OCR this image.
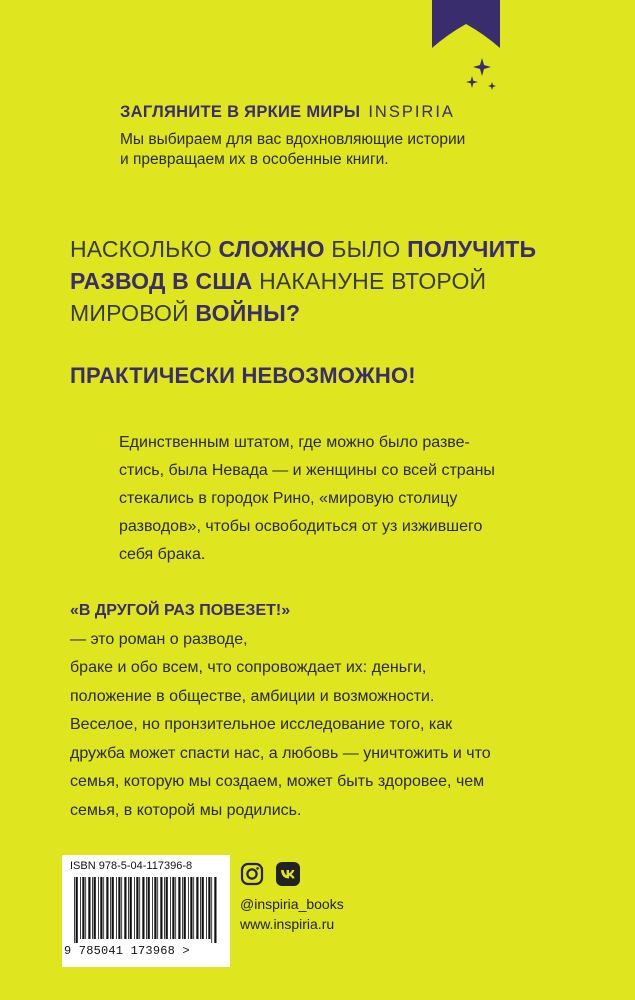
ЗАГЛЯНИТЕ В ЯРКИЕ МИРЫ INSPIRIA
Мы выбираем для вас вдохновляющие истории
и превращаем их в особенные книги.
НАСКОЛЬКО СЛОЖНО БЫЛО ПОЛУЧИТЬ
РАЗВОД В США НАКАНУНЕ ВТОРОЙ
МИРОВОЙ ВОЙНЫ?
ПРАКТИЧЕСКИ НЕВОЗМОЖНО!
Единственным штатом, где можно было разве-
стись, была Невада — и женщины со всей страны
стекались в городок Рино, «мировую столицу
разводов», чтобы освободиться от уз изжившего
себя брака.
«В ДРУГОЙ РАЗ ПОВЕЗЕТ!»
— это роман о разводе,
браке и обо всем, что сопровождает их: деньги,
положение в обществе, амбиции и возможности.
Веселое, но пронзительное исследование того, как
дружба может спасти нас, а любовь — уничтожить и что
семья, которую мы создаем, может быть здоровее, чем
семья, в которой мы родились.
ISBN 978-5-04-117396-8
9 785041 173968 >
@inspiria_books
www.inspiria.ru
